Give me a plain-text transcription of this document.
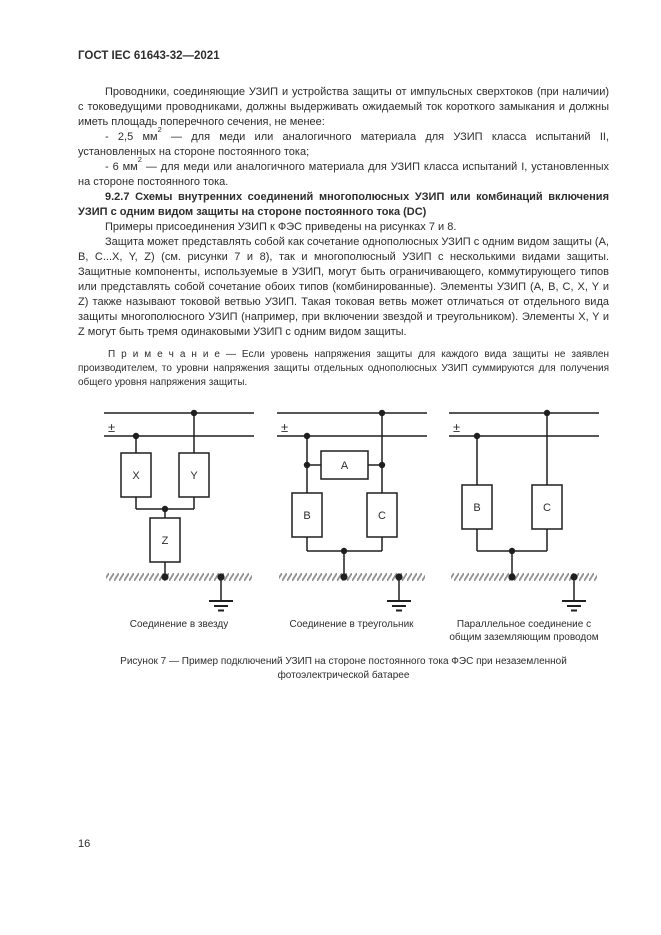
ГОСТ IEC 61643-32—2021

Проводники, соединяющие УЗИП и устройства защиты от импульсных сверхтоков (при наличии) с токоведущими проводниками, должны выдерживать ожидаемый ток короткого замыкания и должны иметь площадь поперечного сечения, не менее:

- 2,5 $мм^2$ — для меди или аналогичного материала для УЗИП класса испытаний II, установленных на стороне постоянного тока;

- 6 $мм^2$ — для меди или аналогичного материала для УЗИП класса испытаний I, установленных на стороне постоянного тока.

9.2.7 Схемы внутренних соединений многополюсных УЗИП или комбинаций включения УЗИП с одним видом защиты на стороне постоянного тока (DC)

Примеры присоединения УЗИП к ФЭС приведены на рисунках 7 и 8.

Защита может представлять собой как сочетание однополюсных УЗИП с одним видом защиты (А, В, С...X, Y, Z) (см. рисунки 7 и 8), так и многополюсный УЗИП с несколькими видами защиты. Защитные компоненты, используемые в УЗИП, могут быть ограничивающего, коммутирующего типов или представлять собой сочетание обоих типов (комбинированные). Элементы УЗИП (А, В, С, X, Y и Z) также называют токовой ветвью УЗИП. Такая токовая ветвь может отличаться от отдельного вида защиты многополюсного УЗИП (например, при включении звездой и треугольником). Элементы X, Y и Z могут быть тремя одинаковыми УЗИП с одним видом защиты.

П р и м е ч а н и е — Если уровень напряжения защиты для каждого вида защиты не заявлен производителем, то уровни напряжения защиты отдельных однополюсных УЗИП суммируются для получения общего уровня напряжения защиты.

±
X	Y
Z
Соединение в звезду
±
A
B	C
Соединение в треугольник
±
B	C
Параллельное соединение с общим заземляющим проводом
Рисунок 7 — Пример подключений УЗИП на стороне постоянного тока ФЭС при незаземленной фотоэлектрической батарее
16
